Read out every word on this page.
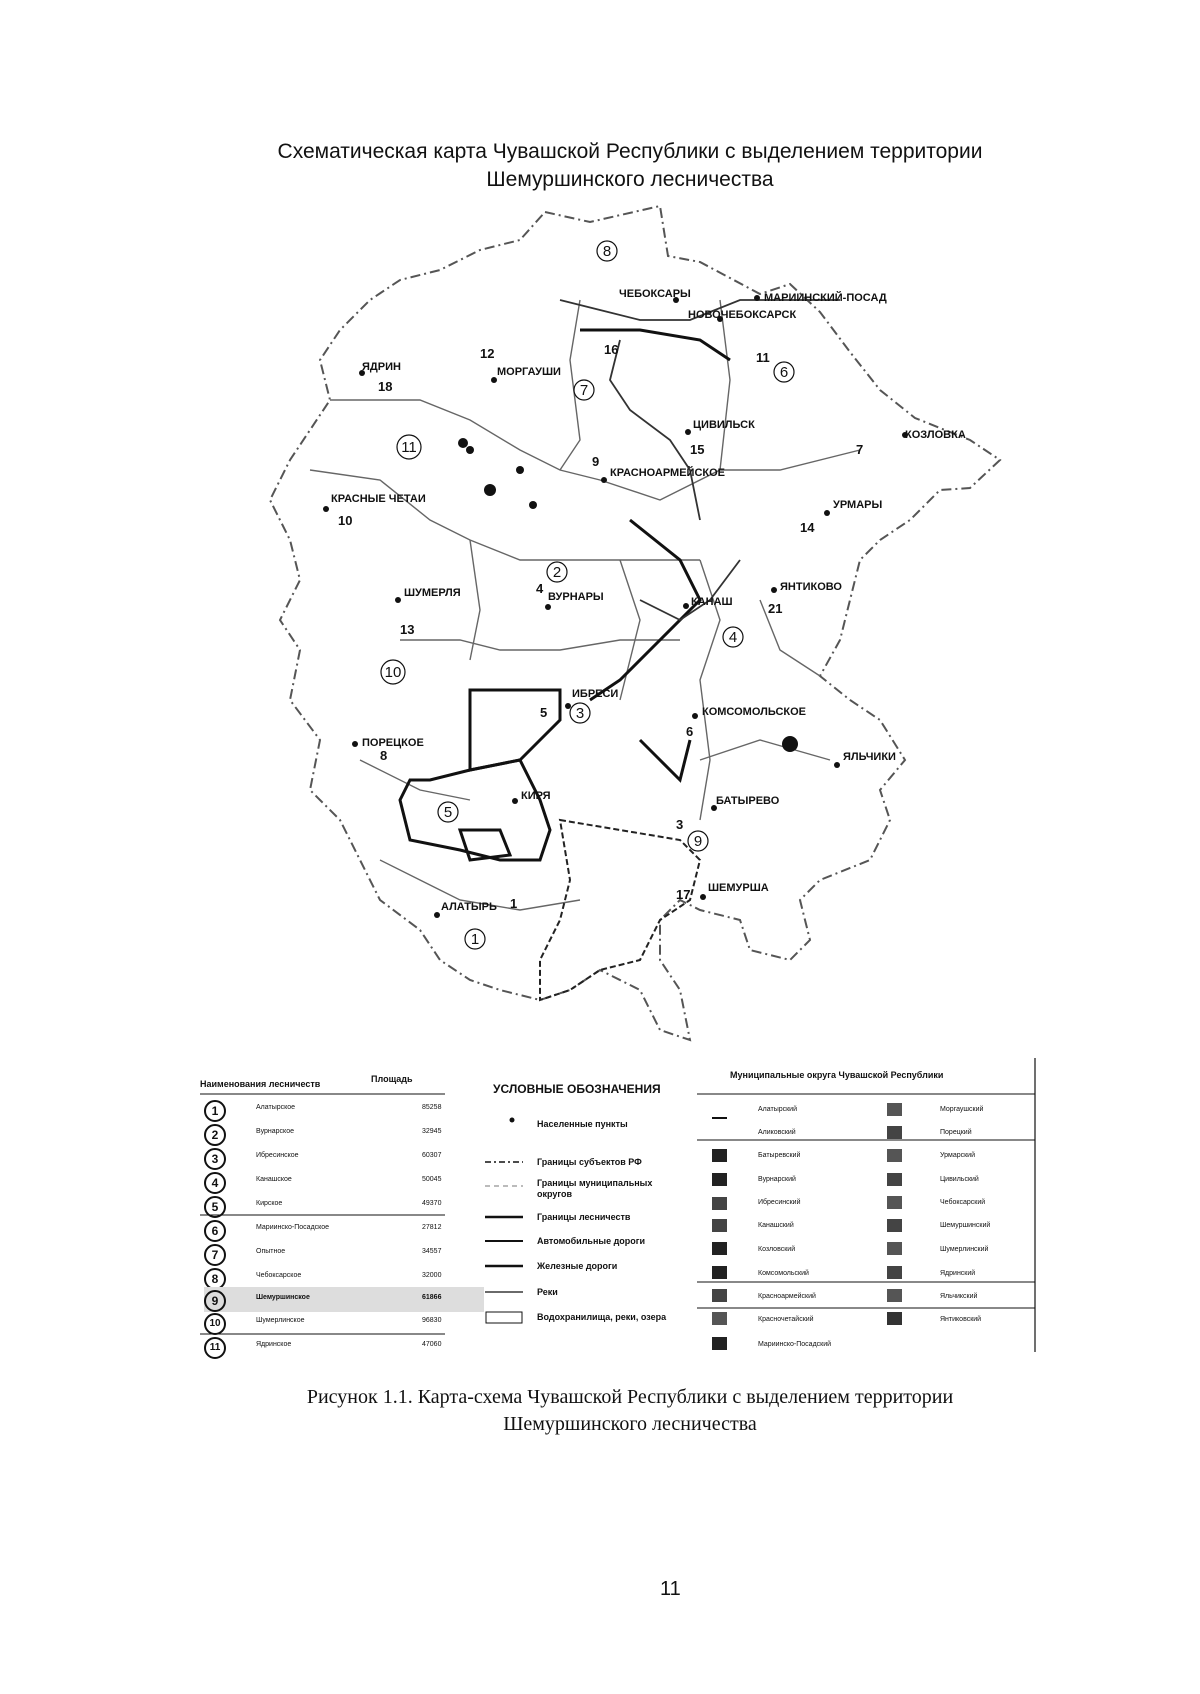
Схематическая карта Чувашской Республики с выделением территории
Шемуршинского лесничества
ЧЕБОКСАРЫ	МАРИИНСКИЙ-ПОСАД
НОВОЧЕБОКСАРСК
ЯДРИН	МОРГАУШИ
ЦИВИЛЬСК
КОЗЛОВКА
КРАСНОАРМЕЙСКОЕ
КРАСНЫЕ ЧЕТАИ	УРМАРЫ
ЯНТИКОВО
ШУМЕРЛЯ	ВУРНАРЫ	КАНАШ
ИБРЕСИ
КОМСОМОЛЬСКОЕ
ПОРЕЦКОЕ
ЯЛЬЧИКИ
КИРЯ	БАТЫРЕВО
ШЕМУРША
АЛАТЫРЬ
12	16
18
11
15
9
7
10	14
4
21
13
5
6
8
3
17
1
8
6
7
11
2
4
10
3
5
9
1
Наименования лесничеств	Площадь
1	Алатырское	85258
2	Вурнарское	32945
3	Ибресинское	60307
4	Канашское	50045
5	Кирское	49370
6	Мариинско-Посадское	27812
7	Опытное	34557
8	Чебоксарское	32000
9	Шемуршинское	61866
10	Шумерлинское	96830
11	Ядринское	47060
УСЛОВНЫЕ ОБОЗНАЧЕНИЯ
Населенные пункты
Границы субъектов РФ
Границы муниципальных округов
Границы лесничеств
Автомобильные дороги
Железные дороги
Реки
Водохранилища, реки, озера
Муниципальные округа Чувашской Республики
Алатырский
Аликовский
Батыревский
Вурнарский
Ибресинский
Канашский
Козловский
Комсомольский
Красноармейский
Красночетайский
Мариинско-Посадский
Моргаушский
Порецкий
Урмарский
Цивильский
Чебоксарский
Шемуршинский
Шумерлинский
Ядринский
Яльчикский
Янтиковский
Рисунок 1.1. Карта-схема Чувашской Республики с выделением территории
Шемуршинского лесничества
11
